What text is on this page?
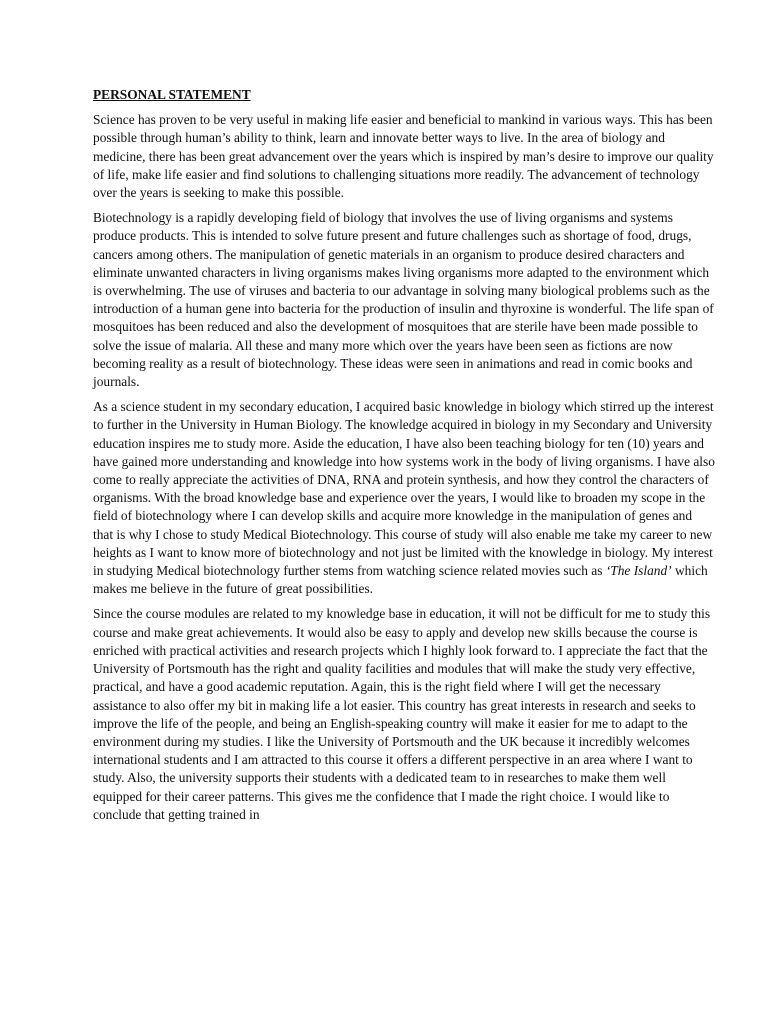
PERSONAL STATEMENT

Science has proven to be very useful in making life easier and beneficial to mankind in various ways. This has been possible through human’s ability to think, learn and innovate better ways to live. In the area of biology and medicine, there has been great advancement over the years which is inspired by man’s desire to improve our quality of life, make life easier and find solutions to challenging situations more readily. The advancement of technology over the years is seeking to make this possible.

Biotechnology is a rapidly developing field of biology that involves the use of living organisms and systems produce products. This is intended to solve future present and future challenges such as shortage of food, drugs, cancers among others. The manipulation of genetic materials in an organism to produce desired characters and eliminate unwanted characters in living organisms makes living organisms more adapted to the environment which is overwhelming. The use of viruses and bacteria to our advantage in solving many biological problems such as the introduction of a human gene into bacteria for the production of insulin and thyroxine is wonderful. The life span of mosquitoes has been reduced and also the development of mosquitoes that are sterile have been made possible to solve the issue of malaria. All these and many more which over the years have been seen as fictions are now becoming reality as a result of biotechnology. These ideas were seen in animations and read in comic books and journals.

As a science student in my secondary education, I acquired basic knowledge in biology which stirred up the interest to further in the University in Human Biology. The knowledge acquired in biology in my Secondary and University education inspires me to study more. Aside the education, I have also been teaching biology for ten (10) years and have gained more understanding and knowledge into how systems work in the body of living organisms. I have also come to really appreciate the activities of DNA, RNA and protein synthesis, and how they control the characters of organisms. With the broad knowledge base and experience over the years, I would like to broaden my scope in the field of biotechnology where I can develop skills and acquire more knowledge in the manipulation of genes and that is why I chose to study Medical Biotechnology. This course of study will also enable me take my career to new heights as I want to know more of biotechnology and not just be limited with the knowledge in biology. My interest in studying Medical biotechnology further stems from watching science related movies such as ‘The Island’ which makes me believe in the future of great possibilities.

Since the course modules are related to my knowledge base in education, it will not be difficult for me to study this course and make great achievements. It would also be easy to apply and develop new skills because the course is enriched with practical activities and research projects which I highly look forward to. I appreciate the fact that the University of Portsmouth has the right and quality facilities and modules that will make the study very effective, practical, and have a good academic reputation. Again, this is the right field where I will get the necessary assistance to also offer my bit in making life a lot easier. This country has great interests in research and seeks to improve the life of the people, and being an English-speaking country will make it easier for me to adapt to the environment during my studies. I like the University of Portsmouth and the UK because it incredibly welcomes international students and I am attracted to this course it offers a different perspective in an area where I want to study. Also, the university supports their students with a dedicated team to in researches to make them well equipped for their career patterns. This gives me the confidence that I made the right choice. I would like to conclude that getting trained in
